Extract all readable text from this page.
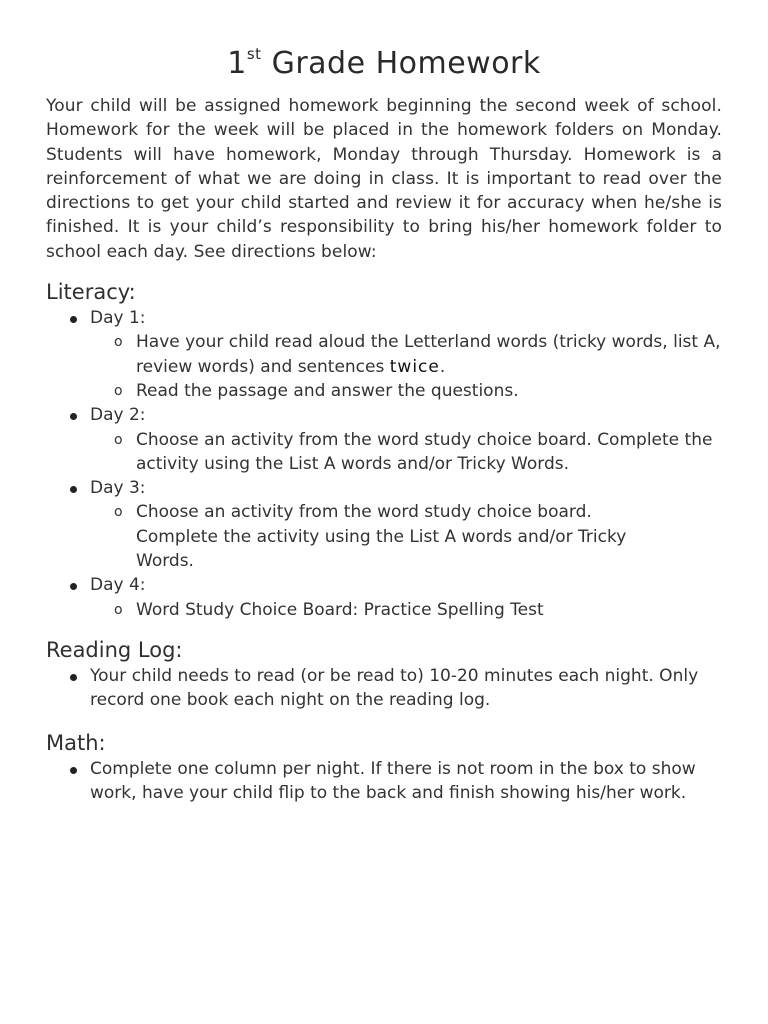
1st Grade Homework

Your child will be assigned homework beginning the second week of school. Homework for the week will be placed in the homework folders on Monday. Students will have homework, Monday through Thursday. Homework is a reinforcement of what we are doing in class. It is important to read over the directions to get your child started and review it for accuracy when he/she is finished. It is your child’s responsibility to bring his/her homework folder to school each day. See directions below:

Literacy:
Day 1:
o Have your child read aloud the Letterland words (tricky words, list A, review words) and sentences twice.
o Read the passage and answer the questions.
Day 2:
o Choose an activity from the word study choice board. Complete the activity using the List A words and/or Tricky Words.
Day 3:
o Choose an activity from the word study choice board. Complete the activity using the List A words and/or Tricky Words.
Day 4:
o Word Study Choice Board: Practice Spelling Test
Reading Log:
Your child needs to read (or be read to) 10-20 minutes each night. Only record one book each night on the reading log.
Math:
Complete one column per night. If there is not room in the box to show work, have your child flip to the back and finish showing his/her work.
